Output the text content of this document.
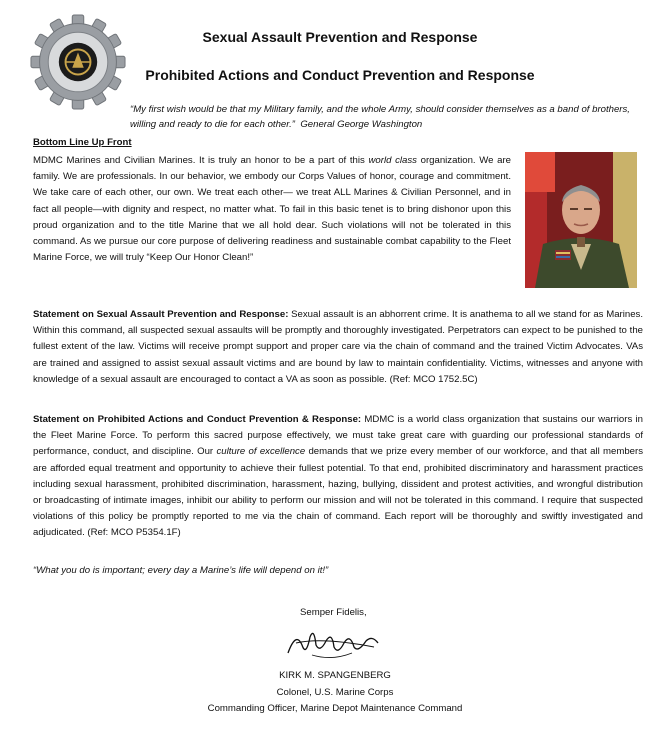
Sexual Assault Prevention and Response
Prohibited Actions and Conduct Prevention and Response
“My first wish would be that my Military family, and the whole Army, should consider themselves as a band of brothers, willing and ready to die for each other.” General George Washington
Bottom Line Up Front
MDMC Marines and Civilian Marines. It is truly an honor to be a part of this world class organization. We are family. We are professionals. In our behavior, we embody our Corps Values of honor, courage and commitment. We take care of each other, our own. We treat each other— we treat ALL Marines & Civilian Personnel, and in fact all people—with dignity and respect, no matter what. To fail in this basic tenet is to bring dishonor upon this proud organization and to the title Marine that we all hold dear. Such violations will not be tolerated in this command. As we pursue our core purpose of delivering readiness and sustainable combat capability to the Fleet Marine Force, we will truly “Keep Our Honor Clean!”
Statement on Sexual Assault Prevention and Response: Sexual assault is an abhorrent crime. It is anathema to all we stand for as Marines. Within this command, all suspected sexual assaults will be promptly and thoroughly investigated. Perpetrators can expect to be punished to the fullest extent of the law. Victims will receive prompt support and proper care via the chain of command and the trained Victim Advocates. VAs are trained and assigned to assist sexual assault victims and are bound by law to maintain confidentiality. Victims, witnesses and anyone with knowledge of a sexual assault are encouraged to contact a VA as soon as possible. (Ref: MCO 1752.5C)
Statement on Prohibited Actions and Conduct Prevention & Response: MDMC is a world class organization that sustains our warriors in the Fleet Marine Force. To perform this sacred purpose effectively, we must take great care with guarding our professional standards of performance, conduct, and discipline. Our culture of excellence demands that we prize every member of our workforce, and that all members are afforded equal treatment and opportunity to achieve their fullest potential. To that end, prohibited discriminatory and harassment practices including sexual harassment, prohibited discrimination, harassment, hazing, bullying, dissident and protest activities, and wrongful distribution or broadcasting of intimate images, inhibit our ability to perform our mission and will not be tolerated in this command. I require that suspected violations of this policy be promptly reported to me via the chain of command. Each report will be thoroughly and swiftly investigated and adjudicated. (Ref: MCO P5354.1F)
“What you do is important; every day a Marine’s life will depend on it!”
Semper Fidelis,
KIRK M. SPANGENBERG
Colonel, U.S. Marine Corps
Commanding Officer, Marine Depot Maintenance Command
